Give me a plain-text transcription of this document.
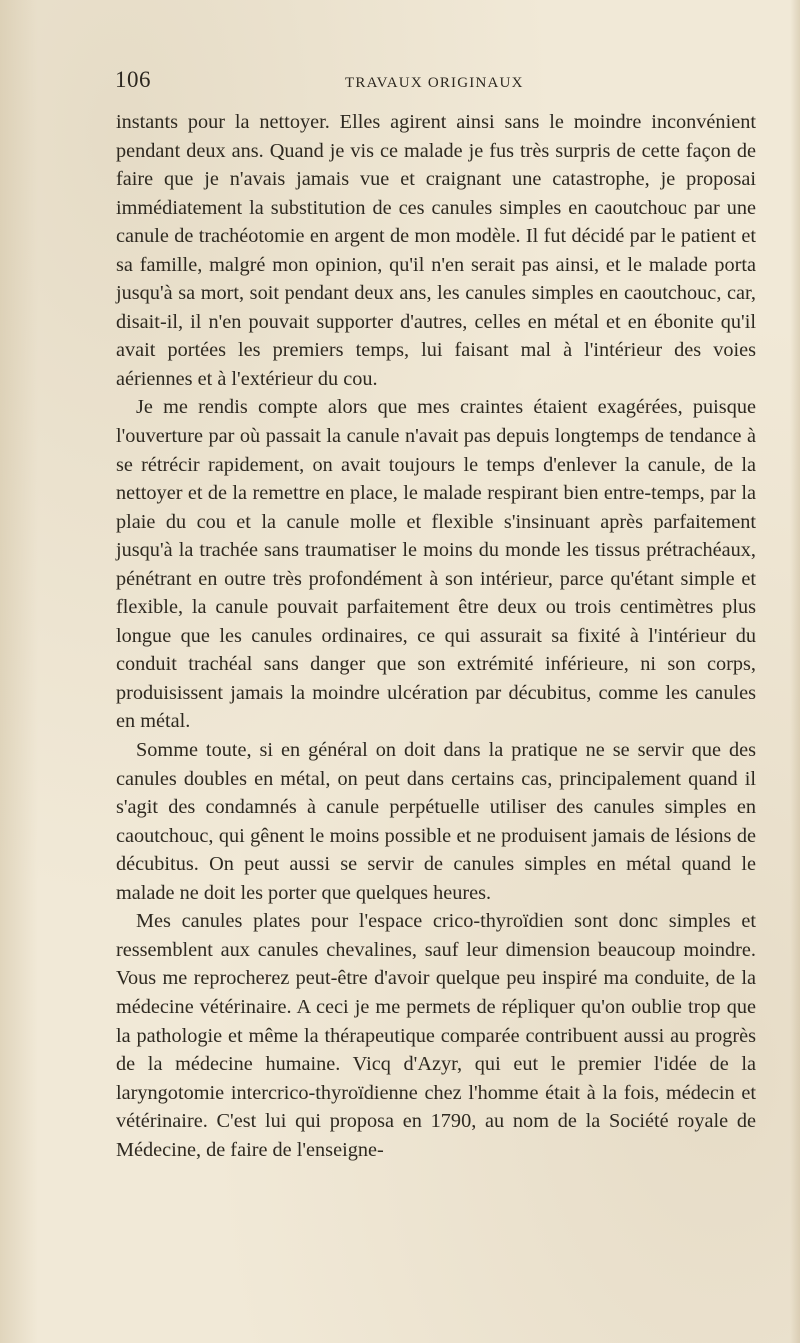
106	TRAVAUX ORIGINAUX

instants pour la nettoyer. Elles agirent ainsi sans le moindre inconvénient pendant deux ans. Quand je vis ce malade je fus très surpris de cette façon de faire que je n'avais jamais vue et craignant une catastrophe, je proposai immédiatement la substitution de ces canules simples en caoutchouc par une canule de trachéotomie en argent de mon modèle. Il fut décidé par le patient et sa famille, malgré mon opinion, qu'il n'en serait pas ainsi, et le malade porta jusqu'à sa mort, soit pendant deux ans, les canules simples en caoutchouc, car, disait-il, il n'en pouvait supporter d'autres, celles en métal et en ébonite qu'il avait portées les premiers temps, lui faisant mal à l'intérieur des voies aériennes et à l'extérieur du cou.

Je me rendis compte alors que mes craintes étaient exagérées, puisque l'ouverture par où passait la canule n'avait pas depuis longtemps de tendance à se rétrécir rapidement, on avait toujours le temps d'enlever la canule, de la nettoyer et de la remettre en place, le malade respirant bien entre-temps, par la plaie du cou et la canule molle et flexible s'insinuant après parfaitement jusqu'à la trachée sans traumatiser le moins du monde les tissus prétrachéaux, pénétrant en outre très profondément à son intérieur, parce qu'étant simple et flexible, la canule pouvait parfaitement être deux ou trois centimètres plus longue que les canules ordinaires, ce qui assurait sa fixité à l'intérieur du conduit trachéal sans danger que son extrémité inférieure, ni son corps, produisissent jamais la moindre ulcération par décubitus, comme les canules en métal.

Somme toute, si en général on doit dans la pratique ne se servir que des canules doubles en métal, on peut dans certains cas, principalement quand il s'agit des condamnés à canule perpétuelle utiliser des canules simples en caoutchouc, qui gênent le moins possible et ne produisent jamais de lésions de décubitus. On peut aussi se servir de canules simples en métal quand le malade ne doit les porter que quelques heures.

Mes canules plates pour l'espace crico-thyroïdien sont donc simples et ressemblent aux canules chevalines, sauf leur dimension beaucoup moindre. Vous me reprocherez peut-être d'avoir quelque peu inspiré ma conduite, de la médecine vétérinaire. A ceci je me permets de répliquer qu'on oublie trop que la pathologie et même la thérapeutique comparée contribuent aussi au progrès de la médecine humaine. Vicq d'Azyr, qui eut le premier l'idée de la laryngotomie intercrico-thyroïdienne chez l'homme était à la fois, médecin et vétérinaire. C'est lui qui proposa en 1790, au nom de la Société royale de Médecine, de faire de l'enseigne-
